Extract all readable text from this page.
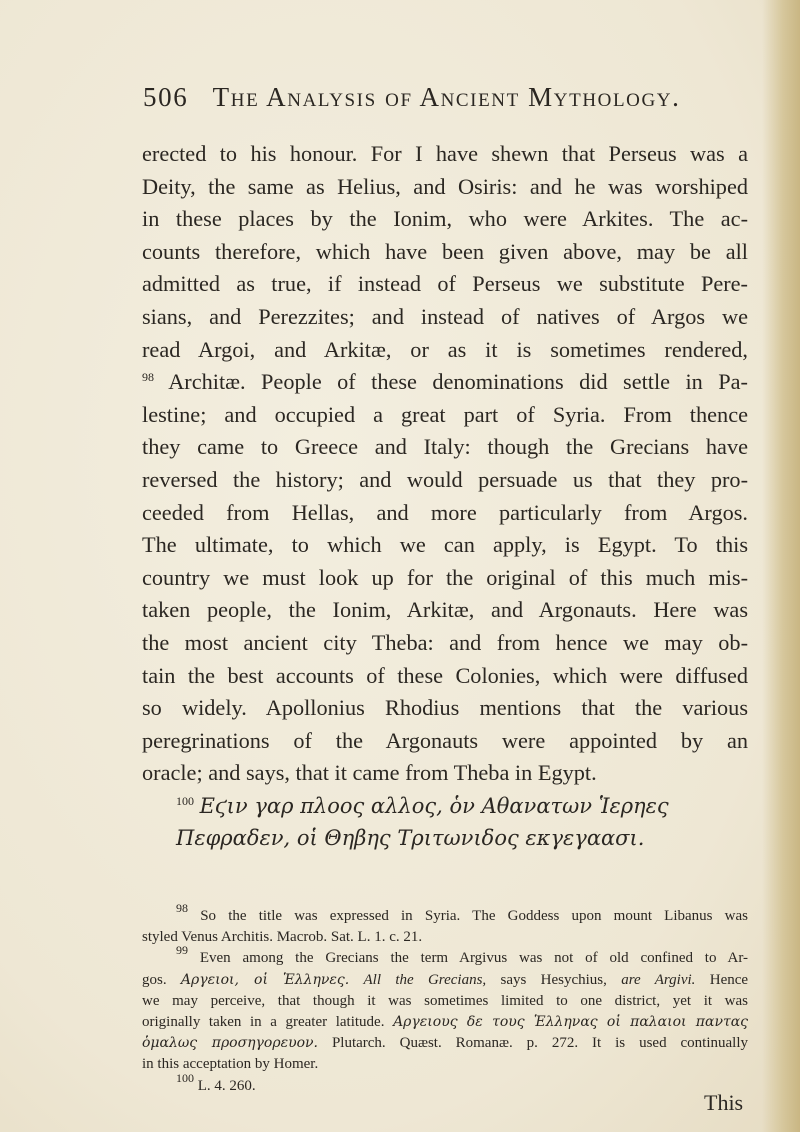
506 The Analysis of Ancient Mythology.
erected to his honour. For I have shewn that Perseus was a
Deity, the same as Helius, and Osiris: and he was worshiped
in these places by the Ionim, who were Arkites. The ac-
counts therefore, which have been given above, may be all
admitted as true, if instead of Perseus we substitute Pere-
sians, and Perezzites; and instead of natives of Argos we
read Argoi, and Arkitæ, or as it is sometimes rendered,
$^{98}$ Architæ. People of these denominations did settle in Pa-
lestine; and occupied a great part of Syria. From thence
they came to Greece and Italy: though the Grecians have
reversed the history; and would persuade us that they pro-
ceeded from Hellas, and more particularly from Argos.
The ultimate, to which we can apply, is Egypt. To this
country we must look up for the original of this much mis-
taken people, the Ionim, Arkitæ, and Argonauts. Here was
the most ancient city Theba: and from hence we may ob-
tain the best accounts of these Colonies, which were diffused
so widely. Apollonius Rhodius mentions that the various
peregrinations of the Argonauts were appointed by an
oracle; and says, that it came from Theba in Egypt.
$^{100}$ Εϛιν γαρ πλοος αλλος, ὁν Αθανατων Ἱερηες
Πεφραδεν, οἱ Θηβης Τριτωνιδος εκγεγαασι.
$^{98}$ So the title was expressed in Syria. The Goddess upon mount Libanus was
styled Venus Architis. Macrob. Sat. L. 1. c. 21.
$^{99}$ Even among the Grecians the term Argivus was not of old confined to Ar-
gos. Αργειοι, οἱ Ἑλληνες. All the Grecians, says Hesychius, are Argivi. Hence
we may perceive, that though it was sometimes limited to one district, yet it was
originally taken in a greater latitude. Αργειους δε τους Ἑλληνας οἱ παλαιοι παντας
ὁμαλως προσηγορευον. Plutarch. Quæst. Romanæ. p. 272. It is used continually
in this acceptation by Homer.
$^{100}$ L. 4. 260.
This
